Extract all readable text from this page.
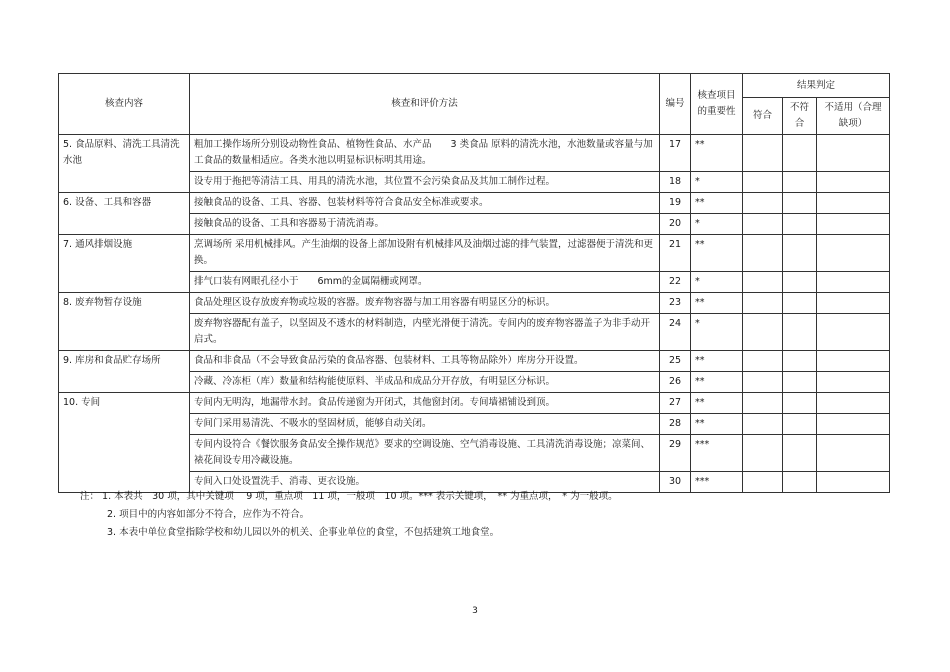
核查内容	核查和评价方法	编号	核查项目的重要性	结果判定		
				符合	不符合	不适用（合理缺项）
5. 食品原料、清洗工具清洗水池	粗加工操作场所分别设动物性食品、植物性食品、水产品　　3 类食品 原料的清洗水池，水池数量或容量与加工食品的数量相适应。各类水池以明显标识标明其用途。	17	**			
	设专用于拖把等清洁工具、用具的清洗水池，其位置不会污染食品及其加工制作过程。	18	*			
6. 设备、工具和容器	接触食品的设备、工具、容器、包装材料等符合食品安全标准或要求。	19	**			
	接触食品的设备、工具和容器易于清洗消毒。	20	*			
7. 通风排烟设施	烹调场所 采用机械排风。产生油烟的设备上部加设附有机械排风及油烟过滤的排气装置，过滤器便于清洗和更换。	21	**			
	排气口装有网眼孔径小于　　6mm的金属隔栅或网罩。	22	*			
8. 废弃物暂存设施	食品处理区设存放废弃物或垃圾的容器。废弃物容器与加工用容器有明显区分的标识。	23	**			
	废弃物容器配有盖子，以坚固及不透水的材料制造，内壁光滑便于清洗。专间内的废弃物容器盖子为非手动开启式。	24	*			
9. 库房和食品贮存场所	食品和非食品（不会导致食品污染的食品容器、包装材料、工具等物品除外）库房分开设置。	25	**			
	冷藏、冷冻柜（库）数量和结构能使原料、半成品和成品分开存放，有明显区分标识。	26	**			
10. 专间	专间内无明沟，地漏带水封。食品传递窗为开闭式，其他窗封闭。专间墙裙铺设到顶。	27	**			
	专间门采用易清洗、不吸水的坚固材质，能够自动关闭。	28	**			
	专间内设符合《餐饮服务食品安全操作规范》要求的空调设施、空气消毒设施、工具清洗消毒设施；凉菜间、裱花间设专用冷藏设施。	29	***			
	专间入口处设置洗手、消毒、更衣设施。	30	***			
注： 1. 本表共　30 项，其中关键项　 9 项，重点项　11 项，一般项　10 项。*** 表示关键项，　** 为重点项，　* 为一般项。
2. 项目中的内容如部分不符合，应作为不符合。
3. 本表中单位食堂指除学校和幼儿园以外的机关、企事业单位的食堂，不包括建筑工地食堂。
3
